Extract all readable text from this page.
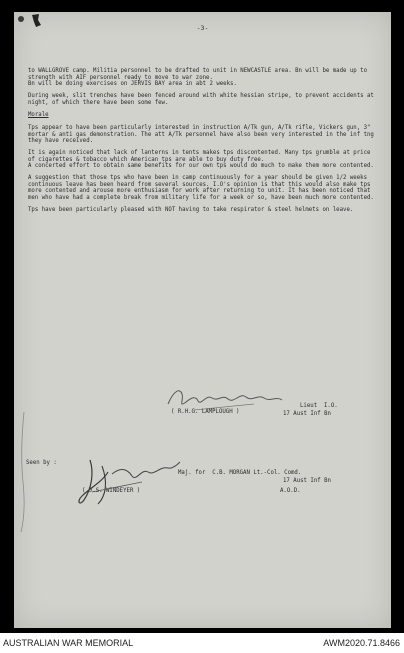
-3-

to WALLGROVE camp. Militia personnel to be drafted to unit in NEWCASTLE area. Bn will be made up to strength with AIF personnel ready to move to war zone.
Bn will be doing exercises on JERVIS BAY area in abt 2 weeks.

During week, slit trenches have been fenced around with white hessian stripe, to prevent accidents at night, of which there have been some few.

Morale

Tps appear to have been particularly interested in instruction A/Tk gun, A/Tk rifle, Vickers gun, 3" mortar & anti gas demonstration. The att A/Tk personnel have also been very interested in the inf tng they have received.

It is again noticed that lack of lanterns in tents makes tps discontented. Many tps grumble at price of cigarettes & tobacco which American tps are able to buy duty free.
A concerted effort to obtain same benefits for our own tps would do much to make them more contented.

A suggestion that those tps who have been in camp continuously for a year should be given 1/2 weeks continuous leave has been heard from several sources. I.O's opinion is that this would also make tps more contented and arouse more enthusiasm for work after returning to unit. It has been noticed that men who have had a complete break from military life for a week or so, have been much more contented.

Tps have been particularly pleased with NOT having to take respirator & steel helmets on leave.

( R.H.G. LAMPLOUGH )
Lieut  I.O.
17 Aust Inf Bn
Seen by :
( J.S. WINDEYER )
Maj. for  C.B. MORGAN Lt.-Col. Comd.
17 Aust Inf Bn
A.O.D.
AUSTRALIAN WAR MEMORIAL	AWM2020.71.8466
